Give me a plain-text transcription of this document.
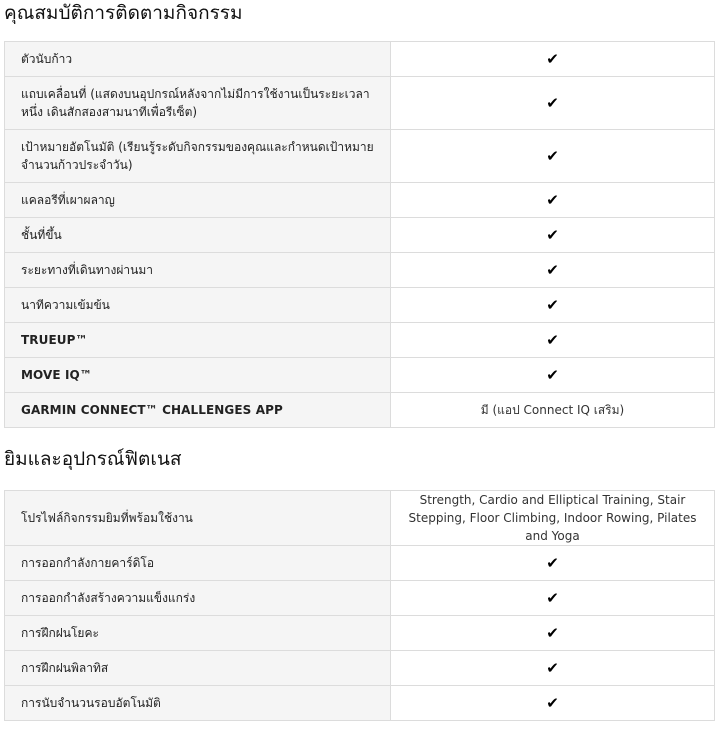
คุณสมบัติการติดตามกิจกรรม
ตัวนับก้าว	✔
แถบเคลื่อนที่ (แสดงบนอุปกรณ์หลังจากไม่มีการใช้งานเป็นระยะเวลาหนึ่ง เดินสักสองสามนาทีเพื่อรีเซ็ต)	✔
เป้าหมายอัตโนมัติ (เรียนรู้ระดับกิจกรรมของคุณและกำหนดเป้าหมายจำนวนก้าวประจำวัน)	✔
แคลอรีที่เผาผลาญ	✔
ชั้นที่ขึ้น	✔
ระยะทางที่เดินทางผ่านมา	✔
นาทีความเข้มข้น	✔
TRUEUP™	✔
MOVE IQ™	✔
GARMIN CONNECT™ CHALLENGES APP	มี (แอป Connect IQ เสริม)
ยิมและอุปกรณ์ฟิตเนส
โปรไฟล์กิจกรรมยิมที่พร้อมใช้งาน	Strength, Cardio and Elliptical Training, Stair Stepping, Floor Climbing, Indoor Rowing, Pilates and Yoga
การออกกำลังกายคาร์ดิโอ	✔
การออกกำลังสร้างความแข็งแกร่ง	✔
การฝึกฝนโยคะ	✔
การฝึกฝนพิลาทิส	✔
การนับจำนวนรอบอัตโนมัติ	✔
